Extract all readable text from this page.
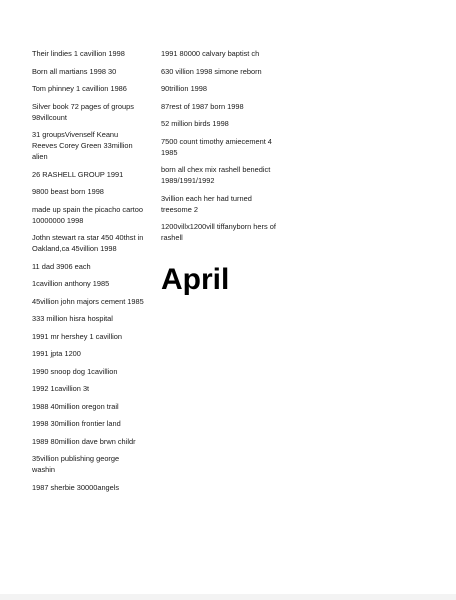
Their lindies 1 cavillion 1998
Born all martians 1998 30
Tom phinney 1 cavillion 1986
Silver book 72 pages of groups 98villcount
31 groupsVivenself Keanu Reeves Corey Green 33million alien
26 RASHELL GROUP 1991
9800 beast born 1998
made up spain the picacho cartoo 10000000 1998
Jothn stewart ra star 450 40thst in Oakland,ca 45villion 1998
11 dad 3906 each
1cavillion anthony 1985
45villion john majors cement 1985
333 million hisra hospital
1991 mr hershey 1 cavillion
1991 jpta 1200
1990 snoop dog 1cavillion
1992 1cavillion 3t
1988 40million oregon trail
1998 30million frontier land
1989 80million dave brwn childr
35villion publishing george washin
1987 sherbie 30000angels
1991 80000 calvary baptist ch
630 villion 1998 simone reborn
90trillion 1998
87rest of 1987 born 1998
52 million birds 1998
7500 count timothy amiecement 4 1985
born all chex mix rashell benedict 1989/1991/1992
3villion each her had turned treesome 2
1200villx1200vill tiffanyborn hers of rashell
April
